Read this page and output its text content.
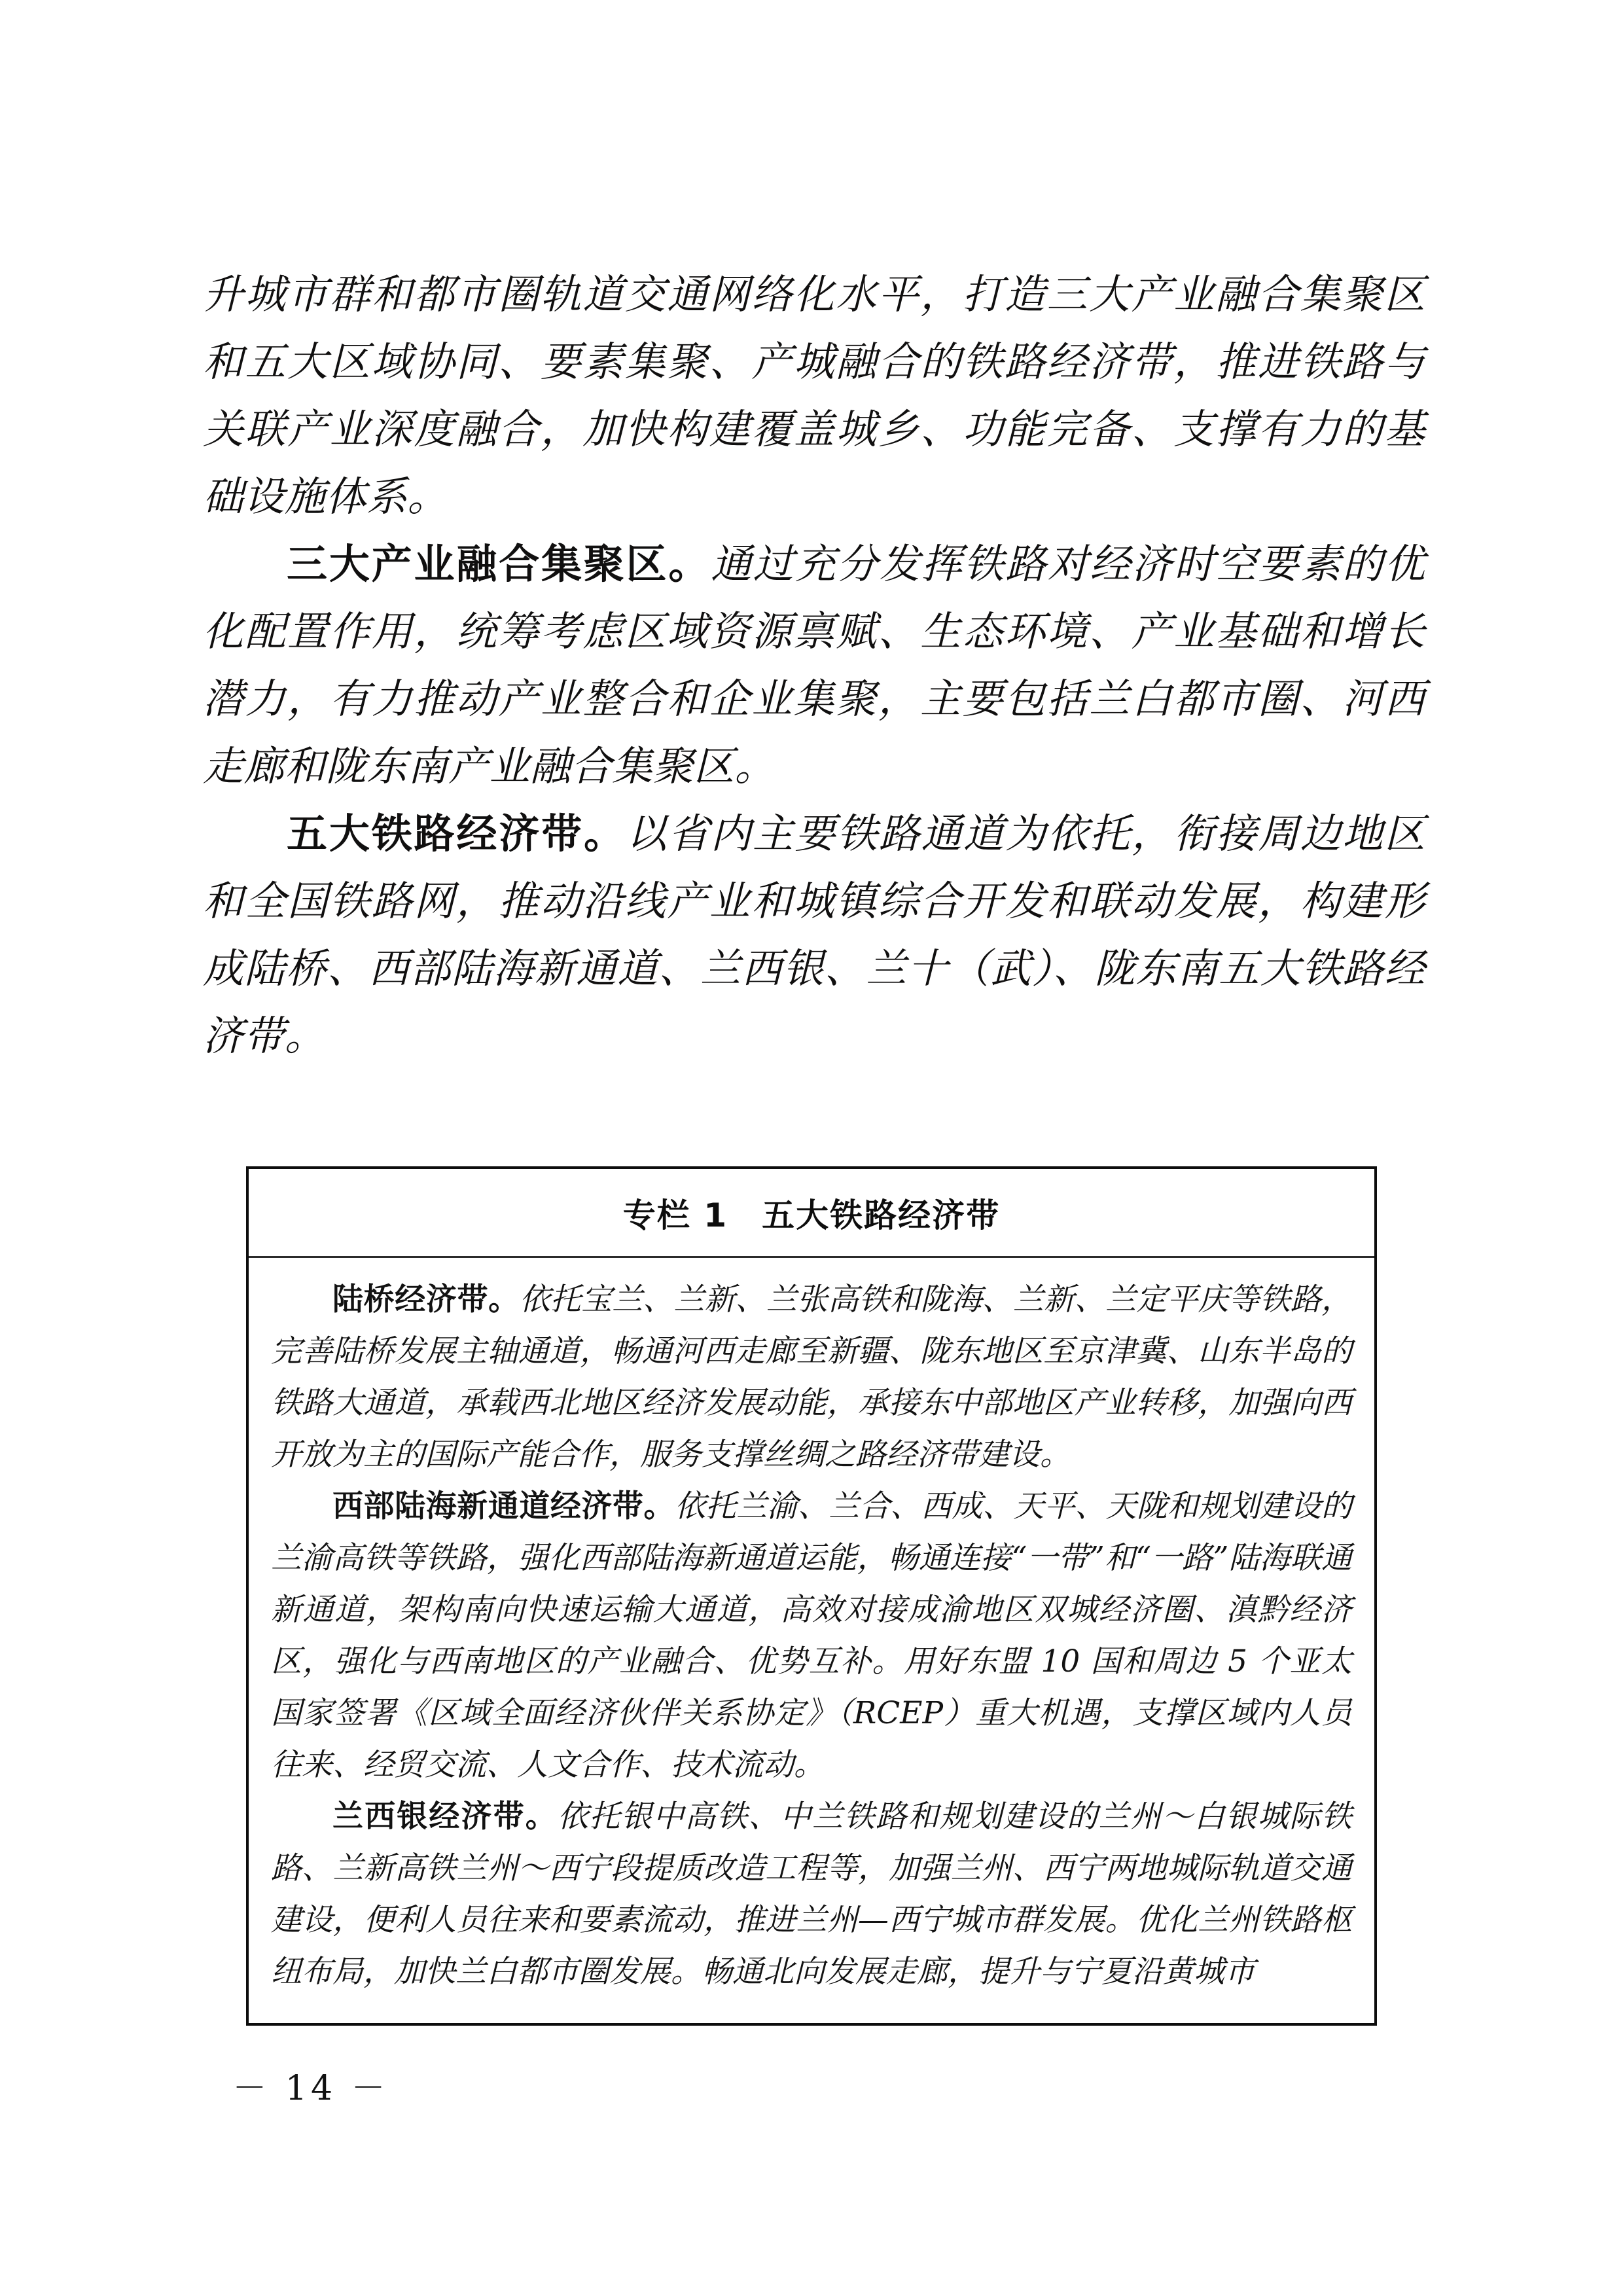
升城市群和都市圈轨道交通网络化水平，打造三大产业融合集聚区和五大区域协同、要素集聚、产城融合的铁路经济带，推进铁路与关联产业深度融合，加快构建覆盖城乡、功能完备、支撑有力的基础设施体系。

三大产业融合集聚区。通过充分发挥铁路对经济时空要素的优化配置作用，统筹考虑区域资源禀赋、生态环境、产业基础和增长潜力，有力推动产业整合和企业集聚，主要包括兰白都市圈、河西走廊和陇东南产业融合集聚区。

五大铁路经济带。以省内主要铁路通道为依托，衔接周边地区和全国铁路网，推动沿线产业和城镇综合开发和联动发展，构建形成陆桥、西部陆海新通道、兰西银、兰十（武）、陇东南五大铁路经济带。

专栏 1　五大铁路经济带

陆桥经济带。依托宝兰、兰新、兰张高铁和陇海、兰新、兰定平庆等铁路，完善陆桥发展主轴通道，畅通河西走廊至新疆、陇东地区至京津冀、山东半岛的铁路大通道，承载西北地区经济发展动能，承接东中部地区产业转移，加强向西开放为主的国际产能合作，服务支撑丝绸之路经济带建设。

西部陆海新通道经济带。依托兰渝、兰合、西成、天平、天陇和规划建设的兰渝高铁等铁路，强化西部陆海新通道运能，畅通连接“一带”和“一路”陆海联通新通道，架构南向快速运输大通道，高效对接成渝地区双城经济圈、滇黔经济区，强化与西南地区的产业融合、优势互补。用好东盟 10 国和周边 5 个亚太国家签署《区域全面经济伙伴关系协定》（RCEP）重大机遇，支撑区域内人员往来、经贸交流、人文合作、技术流动。

兰西银经济带。依托银中高铁、中兰铁路和规划建设的兰州～白银城际铁路、兰新高铁兰州～西宁段提质改造工程等，加强兰州、西宁两地城际轨道交通建设，便利人员往来和要素流动，推进兰州—西宁城市群发展。优化兰州铁路枢纽布局，加快兰白都市圈发展。畅通北向发展走廊，提升与宁夏沿黄城市

－ 14 －
